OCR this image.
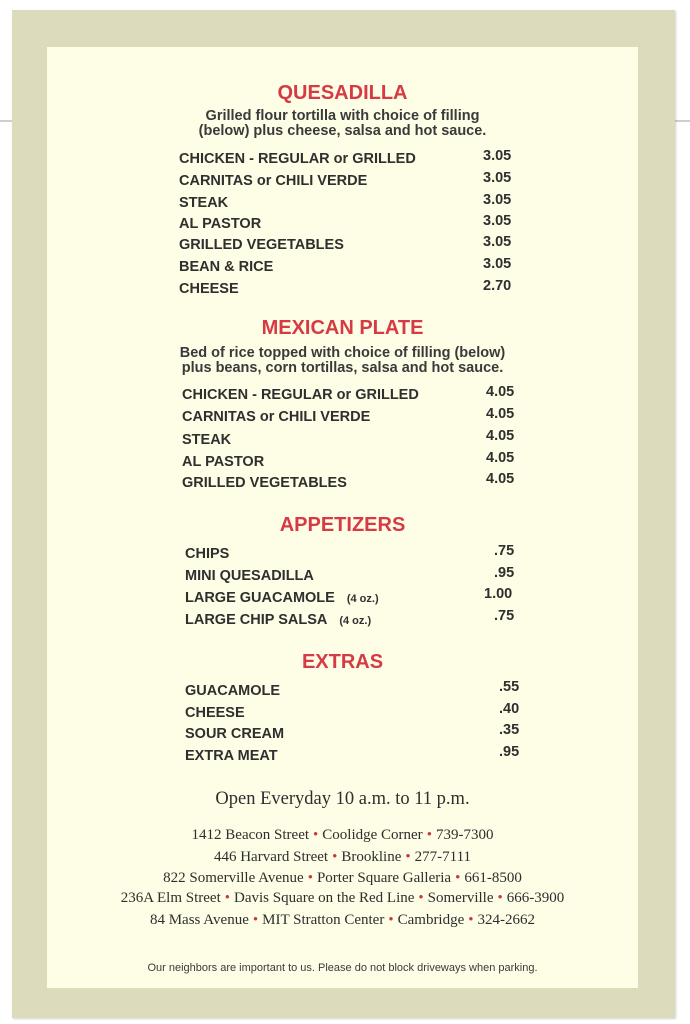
QUESADILLA
Grilled flour tortilla with choice of filling
(below) plus cheese, salsa and hot sauce.
CHICKEN - REGULAR or GRILLED	3.05
CARNITAS or CHILI VERDE	3.05
STEAK	3.05
AL PASTOR	3.05
GRILLED VEGETABLES	3.05
BEAN & RICE	3.05
CHEESE	2.70
MEXICAN PLATE
Bed of rice topped with choice of filling (below)
plus beans, corn tortillas, salsa and hot sauce.
CHICKEN - REGULAR or GRILLED	4.05
CARNITAS or CHILI VERDE	4.05
STEAK	4.05
AL PASTOR	4.05
GRILLED VEGETABLES	4.05
APPETIZERS
CHIPS	.75
MINI QUESADILLA	.95
LARGE GUACAMOLE (4 oz.)	1.00
LARGE CHIP SALSA (4 oz.)	.75
EXTRAS
GUACAMOLE	.55
CHEESE	.40
SOUR CREAM	.35
EXTRA MEAT	.95
Open Everyday 10 a.m. to 11 p.m.
1412 Beacon Street • Coolidge Corner • 739-7300
446 Harvard Street • Brookline • 277-7111
822 Somerville Avenue • Porter Square Galleria • 661-8500
236A Elm Street • Davis Square on the Red Line • Somerville • 666-3900
84 Mass Avenue • MIT Stratton Center • Cambridge • 324-2662
Our neighbors are important to us. Please do not block driveways when parking.
